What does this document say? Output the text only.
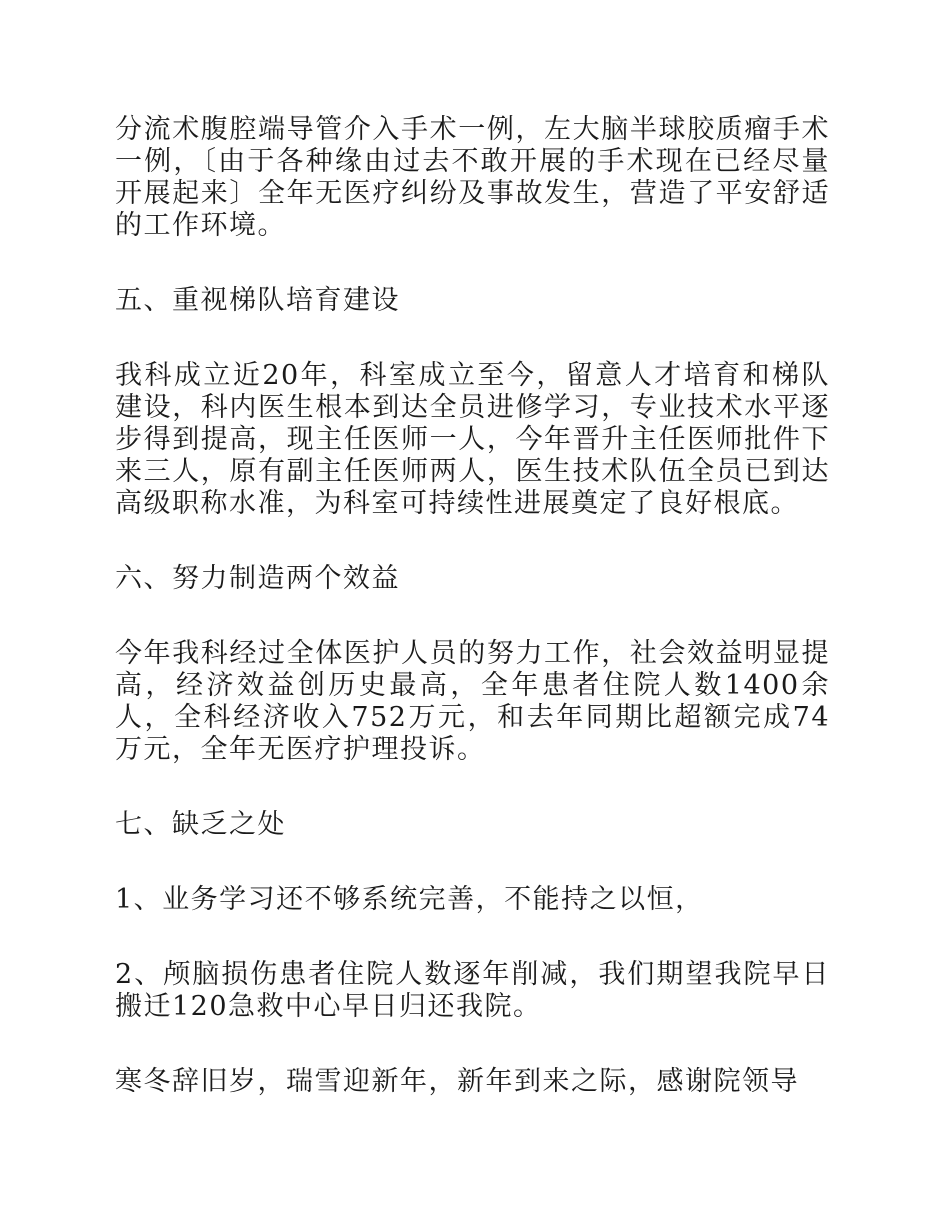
分流术腹腔端导管介入手术一例，左大脑半球胶质瘤手术一例，〔由于各种缘由过去不敢开展的手术现在已经尽量开展起来〕全年无医疗纠纷及事故发生，营造了平安舒适的工作环境。

五、重视梯队培育建设

我科成立近20年，科室成立至今，留意人才培育和梯队建设，科内医生根本到达全员进修学习，专业技术水平逐步得到提高，现主任医师一人，今年晋升主任医师批件下来三人，原有副主任医师两人，医生技术队伍全员已到达高级职称水准，为科室可持续性进展奠定了良好根底。

六、努力制造两个效益

今年我科经过全体医护人员的努力工作，社会效益明显提高，经济效益创历史最高，全年患者住院人数1400余人，全科经济收入752万元，和去年同期比超额完成74万元，全年无医疗护理投诉。

七、缺乏之处

1、业务学习还不够系统完善，不能持之以恒，

2、颅脑损伤患者住院人数逐年削减，我们期望我院早日搬迁120急救中心早日归还我院。

寒冬辞旧岁，瑞雪迎新年，新年到来之际，感谢院领导
